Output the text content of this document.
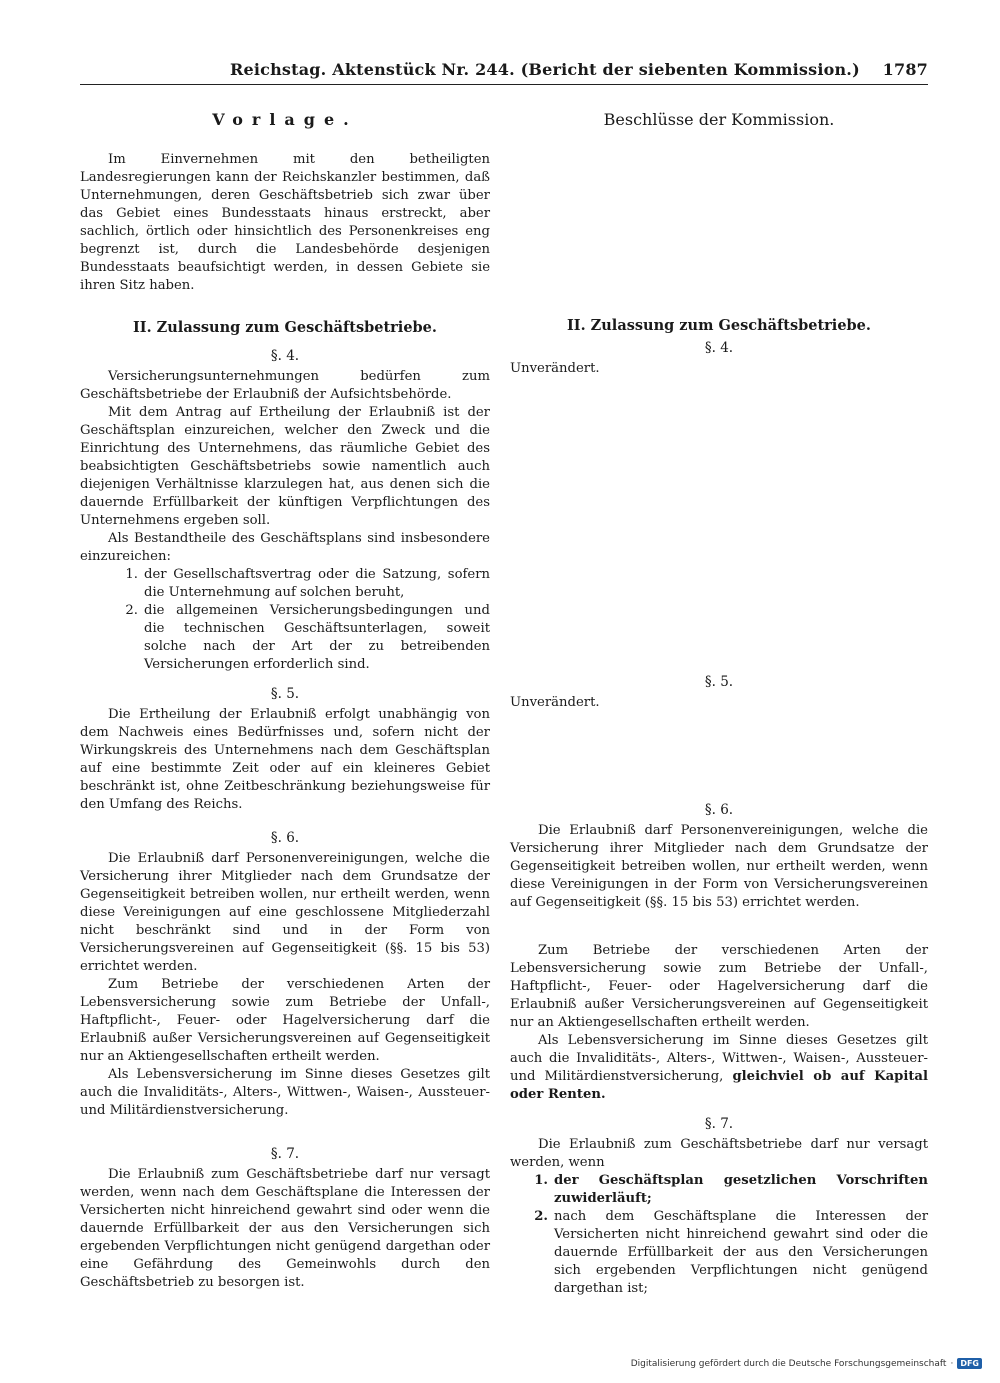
Reichstag. Aktenstück Nr. 244. (Bericht der siebenten Kommission.) 1787
Vorlage.

Im Einvernehmen mit den betheiligten Landesregierungen kann der Reichskanzler bestimmen, daß Unternehmungen, deren Geschäftsbetrieb sich zwar über das Gebiet eines Bundesstaats hinaus erstreckt, aber sachlich, örtlich oder hinsichtlich des Personenkreises eng begrenzt ist, durch die Landesbehörde desjenigen Bundesstaats beaufsichtigt werden, in dessen Gebiete sie ihren Sitz haben.

II. Zulassung zum Geschäftsbetriebe.
§. 4.

Versicherungsunternehmungen bedürfen zum Geschäftsbetriebe der Erlaubniß der Aufsichtsbehörde.

Mit dem Antrag auf Ertheilung der Erlaubniß ist der Geschäftsplan einzureichen, welcher den Zweck und die Einrichtung des Unternehmens, das räumliche Gebiet des beabsichtigten Geschäftsbetriebs sowie namentlich auch diejenigen Verhältnisse klarzulegen hat, aus denen sich die dauernde Erfüllbarkeit der künftigen Verpflichtungen des Unternehmens ergeben soll.

Als Bestandtheile des Geschäftsplans sind insbesondere einzureichen:

1. der Gesellschaftsvertrag oder die Satzung, sofern die Unternehmung auf solchen beruht,
2. die allgemeinen Versicherungsbedingungen und die technischen Geschäftsunterlagen, soweit solche nach der Art der zu betreibenden Versicherungen erforderlich sind.
§. 5.

Die Ertheilung der Erlaubniß erfolgt unabhängig von dem Nachweis eines Bedürfnisses und, sofern nicht der Wirkungskreis des Unternehmens nach dem Geschäftsplan auf eine bestimmte Zeit oder auf ein kleineres Gebiet beschränkt ist, ohne Zeitbeschränkung beziehungsweise für den Umfang des Reichs.

§. 6.

Die Erlaubniß darf Personenvereinigungen, welche die Versicherung ihrer Mitglieder nach dem Grundsatze der Gegenseitigkeit betreiben wollen, nur ertheilt werden, wenn diese Vereinigungen auf eine geschlossene Mitgliederzahl nicht beschränkt sind und in der Form von Versicherungsvereinen auf Gegenseitigkeit (§§. 15 bis 53) errichtet werden.

Zum Betriebe der verschiedenen Arten der Lebensversicherung sowie zum Betriebe der Unfall-, Haftpflicht-, Feuer- oder Hagelversicherung darf die Erlaubniß außer Versicherungsvereinen auf Gegenseitigkeit nur an Aktiengesellschaften ertheilt werden.

Als Lebensversicherung im Sinne dieses Gesetzes gilt auch die Invaliditäts-, Alters-, Wittwen-, Waisen-, Aussteuer- und Militärdienstversicherung.

§. 7.

Die Erlaubniß zum Geschäftsbetriebe darf nur versagt werden, wenn nach dem Geschäftsplane die Interessen der Versicherten nicht hinreichend gewahrt sind oder wenn die dauernde Erfüllbarkeit der aus den Versicherungen sich ergebenden Verpflichtungen nicht genügend dargethan oder eine Gefährdung des Gemeinwohls durch den Geschäftsbetrieb zu besorgen ist.

Beschlüsse der Kommission.
II. Zulassung zum Geschäftsbetriebe.
§. 4.

Unverändert.

§. 5.

Unverändert.

§. 6.

Die Erlaubniß darf Personenvereinigungen, welche die Versicherung ihrer Mitglieder nach dem Grundsatze der Gegenseitigkeit betreiben wollen, nur ertheilt werden, wenn diese Vereinigungen in der Form von Versicherungsvereinen auf Gegenseitigkeit (§§. 15 bis 53) errichtet werden.

Zum Betriebe der verschiedenen Arten der Lebensversicherung sowie zum Betriebe der Unfall-, Haftpflicht-, Feuer- oder Hagelversicherung darf die Erlaubniß außer Versicherungsvereinen auf Gegenseitigkeit nur an Aktiengesellschaften ertheilt werden.

Als Lebensversicherung im Sinne dieses Gesetzes gilt auch die Invaliditäts-, Alters-, Wittwen-, Waisen-, Aussteuer- und Militärdienstversicherung, gleichviel ob auf Kapital oder Renten.

§. 7.

Die Erlaubniß zum Geschäftsbetriebe darf nur versagt werden, wenn

1. der Geschäftsplan gesetzlichen Vorschriften zuwiderläuft;
2. nach dem Geschäftsplane die Interessen der Versicherten nicht hinreichend gewahrt sind oder die dauernde Erfüllbarkeit der aus den Versicherungen sich ergebenden Verpflichtungen nicht genügend dargethan ist;
Digitalisierung gefördert durch die Deutsche Forschungsgemeinschaft · DFG
